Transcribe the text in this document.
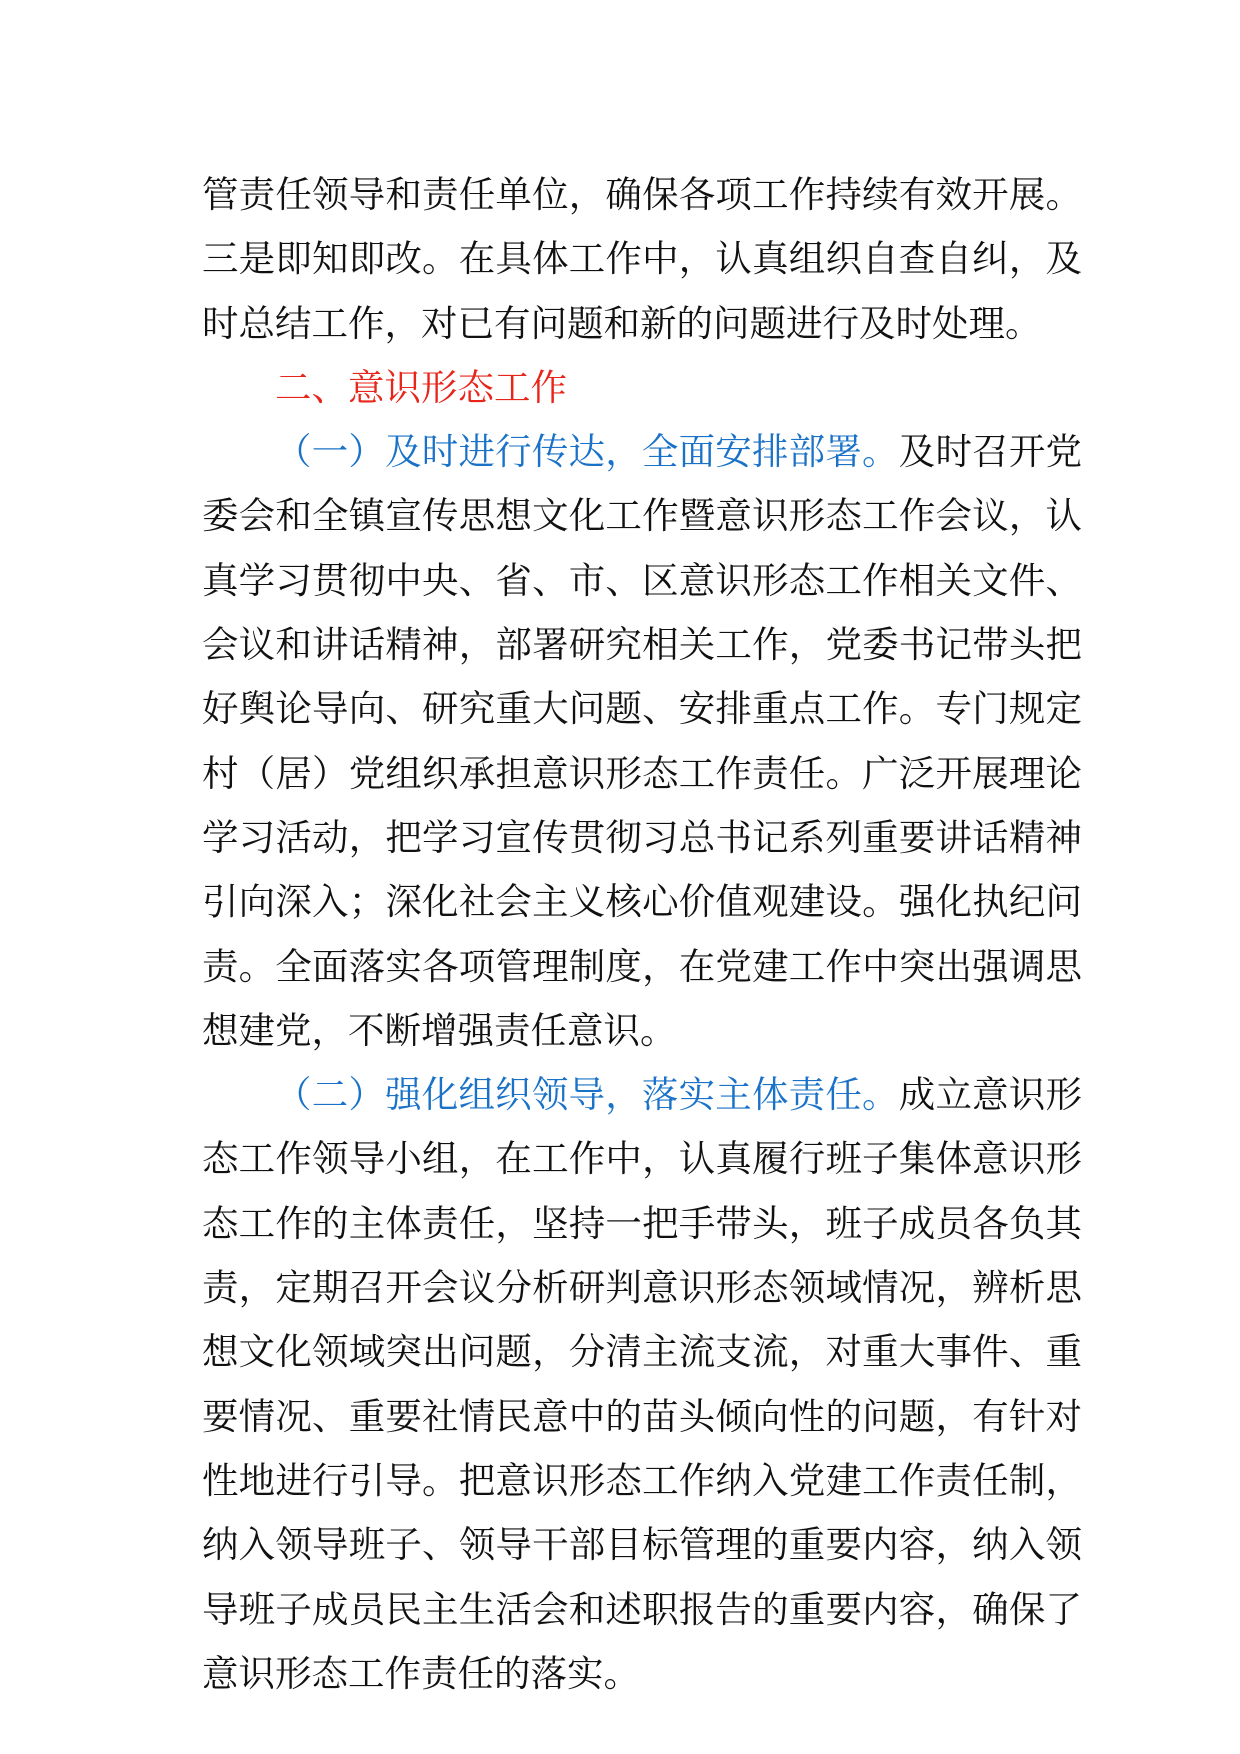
管责任领导和责任单位，确保各项工作持续有效开展。三是即知即改。在具体工作中，认真组织自查自纠，及时总结工作，对已有问题和新的问题进行及时处理。

二、意识形态工作

（一）及时进行传达，全面安排部署。及时召开党委会和全镇宣传思想文化工作暨意识形态工作会议，认真学习贯彻中央、省、市、区意识形态工作相关文件、会议和讲话精神，部署研究相关工作，党委书记带头把好舆论导向、研究重大问题、安排重点工作。专门规定村（居）党组织承担意识形态工作责任。广泛开展理论学习活动，把学习宣传贯彻习总书记系列重要讲话精神引向深入；深化社会主义核心价值观建设。强化执纪问责。全面落实各项管理制度，在党建工作中突出强调思想建党，不断增强责任意识。

（二）强化组织领导，落实主体责任。成立意识形态工作领导小组，在工作中，认真履行班子集体意识形态工作的主体责任，坚持一把手带头，班子成员各负其责，定期召开会议分析研判意识形态领域情况，辨析思想文化领域突出问题，分清主流支流，对重大事件、重要情况、重要社情民意中的苗头倾向性的问题，有针对性地进行引导。把意识形态工作纳入党建工作责任制，纳入领导班子、领导干部目标管理的重要内容，纳入领导班子成员民主生活会和述职报告的重要内容，确保了意识形态工作责任的落实。
